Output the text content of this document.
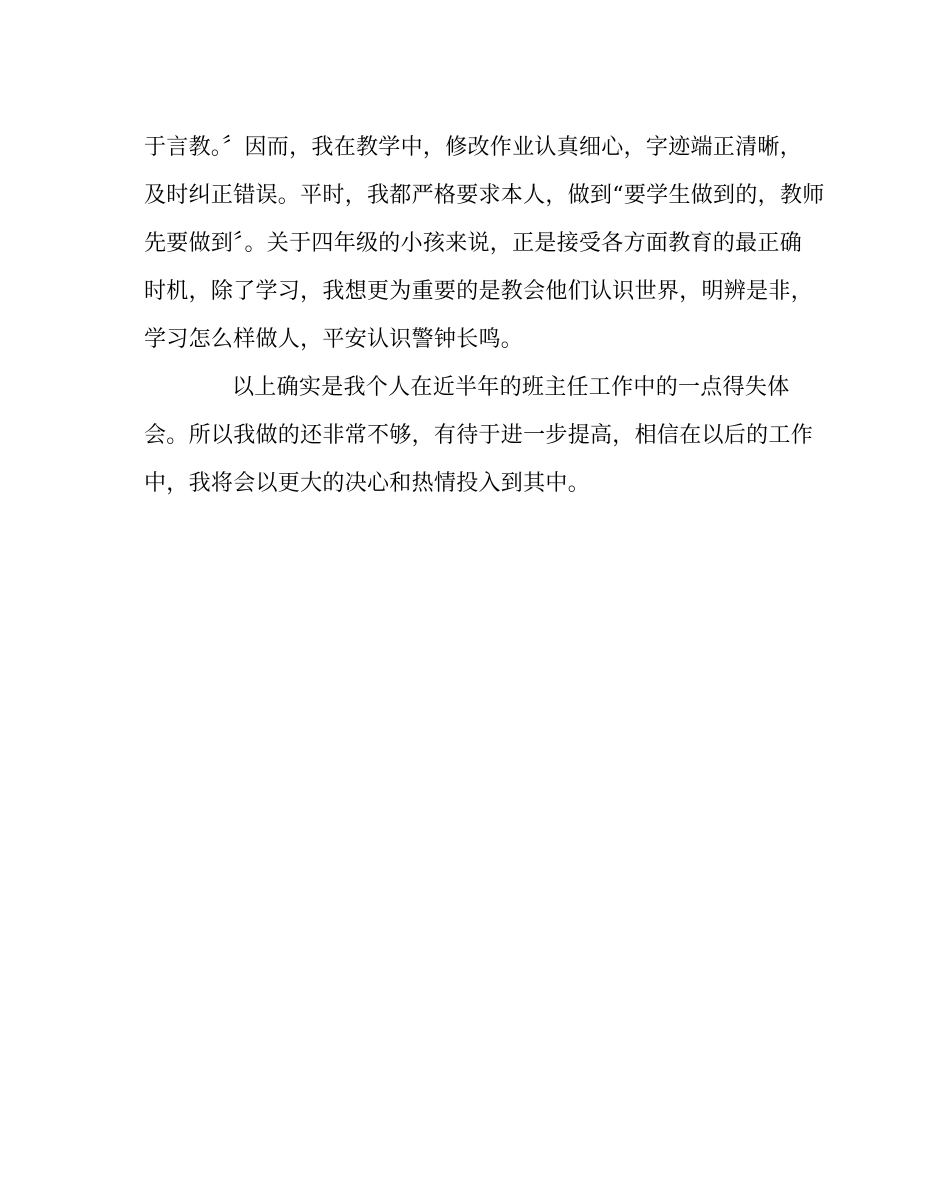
于言教。〞因而，我在教学中，修改作业认真细心，字迹端正清晰，
及时纠正错误。平时，我都严格要求本人，做到“要学生做到的，教师
先要做到〞。关于四年级的小孩来说，正是接受各方面教育的最正确
时机，除了学习，我想更为重要的是教会他们认识世界，明辨是非，
学习怎么样做人，平安认识警钟长鸣。
以上确实是我个人在近半年的班主任工作中的一点得失体
会。所以我做的还非常不够，有待于进一步提高，相信在以后的工作
中，我将会以更大的决心和热情投入到其中。
